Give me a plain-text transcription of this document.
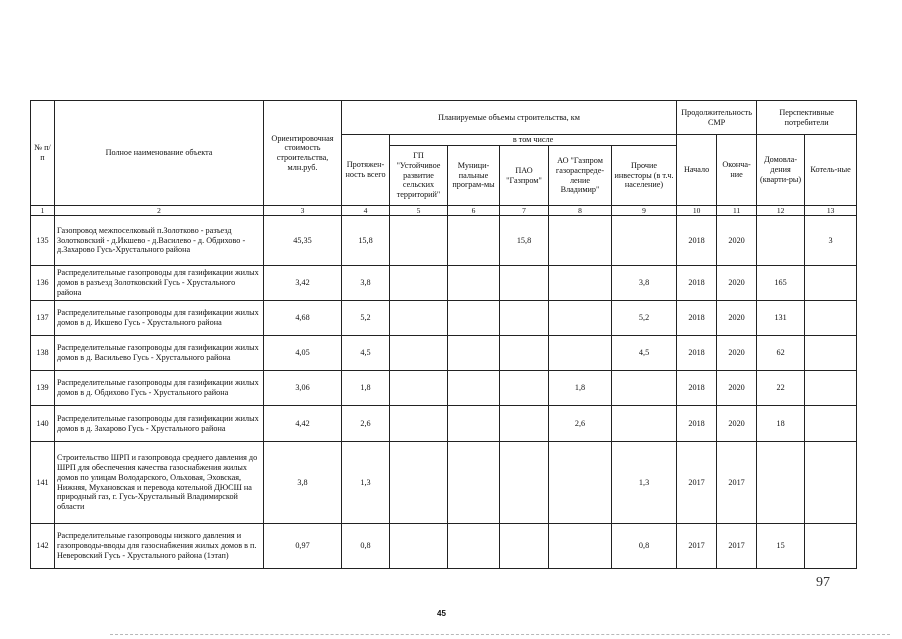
№ п/п	Полное наименование объекта	Ориентировочная стоимость строительства, млн.руб.	Планируемые объемы строительства, км						Продолжительность СМР		Перспективные потребители	
			Протяжен-ность всего	в том числе					Начало	Оконча-ние	Домовла-дения (кварти-ры)	Котель-ные
				ГП "Устойчивое развитие сельских территорий"	Муници-пальные програм-мы	ПАО "Газпром"	АО "Газпром газораспреде-ление Владимир"	Прочие инвесторы (в т.ч. население)				
1	2	3	4	5	6	7	8	9	10	11	12	13
135	Газопровод межпоселковый п.Золотково - разъезд Золотковский - д.Икшево - д.Василево - д. Обдихово - д.Захарово Гусь-Хрустального района	45,35	15,8			15,8			2018	2020		3
136	Распределительные газопроводы для газификации жилых домов в разъезд Золотковский Гусь - Хрустального района	3,42	3,8					3,8	2018	2020	165	
137	Распределительные газопроводы для газификации жилых домов в д. Икшево Гусь - Хрустального района	4,68	5,2					5,2	2018	2020	131	
138	Распределительные газопроводы для газификации жилых домов в д. Васильево Гусь - Хрустального района	4,05	4,5					4,5	2018	2020	62	
139	Распределительные газопроводы для газификации жилых домов в д. Обдихово Гусь - Хрустального района	3,06	1,8				1,8		2018	2020	22	
140	Распределительные газопроводы для газификации жилых домов в д. Захарово Гусь - Хрустального района	4,42	2,6				2,6		2018	2020	18	
141	Строительство ШРП и газопровода среднего давления до ШРП для обеспечения качества газоснабжения жилых домов по улицам Володарского, Ольховая, Эховская, Нижняя, Мухановская и перевода котельной ДЮСШ на природный газ, г. Гусь-Хрустальный Владимирской области	3,8	1,3					1,3	2017	2017		
142	Распределительные газопроводы низкого давления и газопроводы-вводы для газоснабжения жилых домов в п. Неверовский Гусь - Хрустального района (1этап)	0,97	0,8					0,8	2017	2017	15	
97
45
